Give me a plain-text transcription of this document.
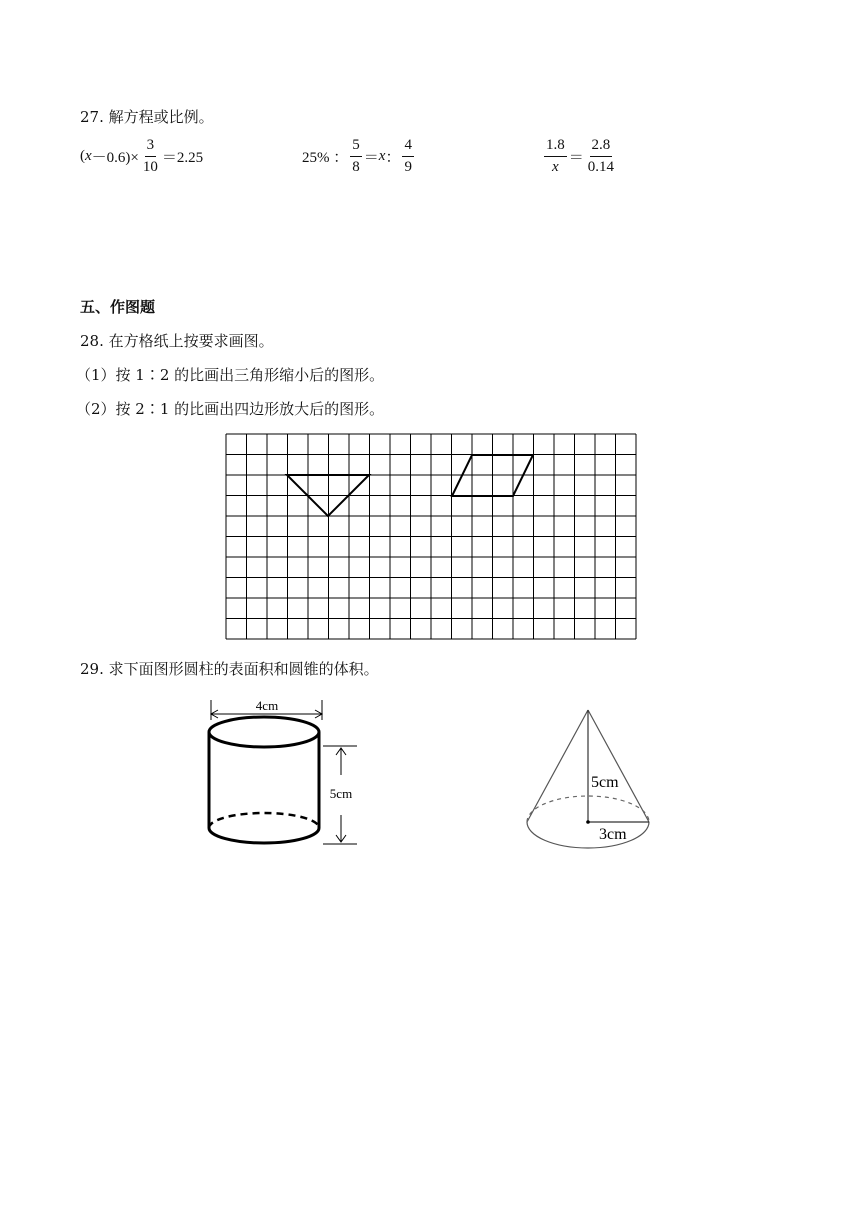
27. 解方程或比例。
( $x -0.6)\times \frac{3}{10} =2.25$	25% ： $\frac{5}{8} = x$ ： $\frac{4}{9}$	$\frac{1.8}{x} = \frac{2.8}{0.14}$
五、作图题
28. 在方格纸上按要求画图。
（1）按 1∶2 的比画出三角形缩小后的图形。
（2）按 2∶1 的比画出四边形放大后的图形。
29. 求下面图形圆柱的表面积和圆锥的体积。
4cm
5cm
5cm
3cm
